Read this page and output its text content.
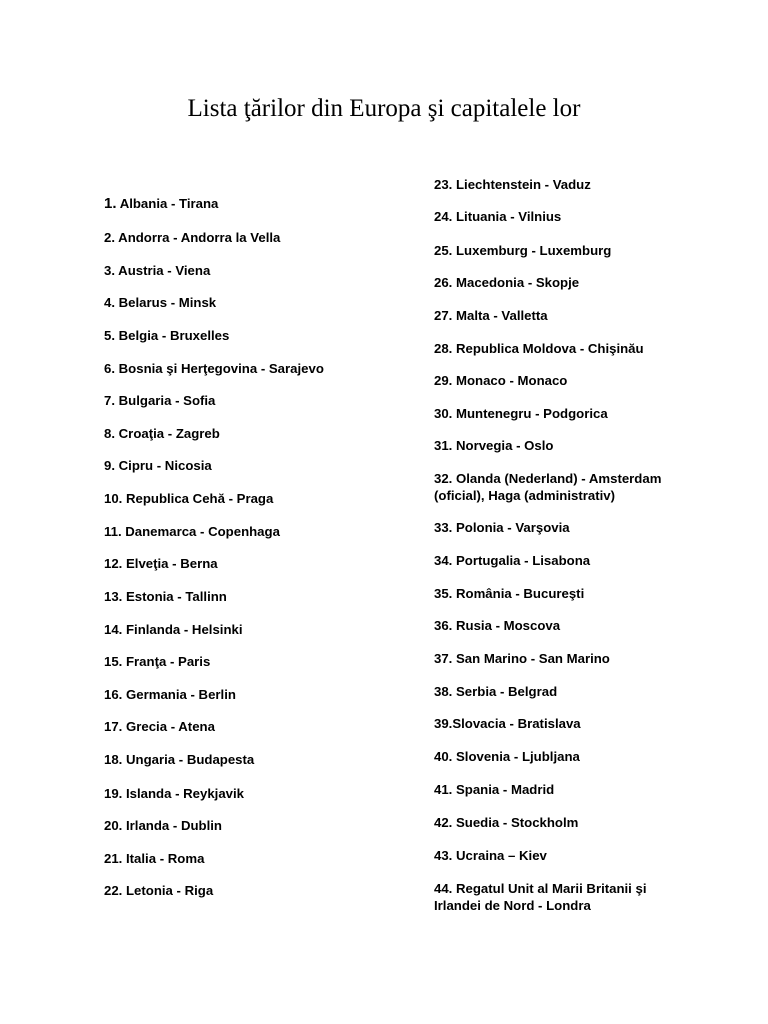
Lista ţărilor din Europa şi capitalele lor
1. Albania - Tirana
2. Andorra - Andorra la Vella
3. Austria - Viena
4. Belarus - Minsk
5. Belgia - Bruxelles
6. Bosnia şi Herţegovina - Sarajevo
7. Bulgaria - Sofia
8. Croaţia - Zagreb
9. Cipru - Nicosia
10. Republica Cehă - Praga
11. Danemarca - Copenhaga
12. Elveţia - Berna
13. Estonia - Tallinn
14. Finlanda - Helsinki
15. Franţa - Paris
16. Germania - Berlin
17. Grecia - Atena
18. Ungaria - Budapesta
19. Islanda - Reykjavik
20. Irlanda - Dublin
21. Italia - Roma
22. Letonia - Riga
23. Liechtenstein - Vaduz
24. Lituania - Vilnius
25. Luxemburg - Luxemburg
26. Macedonia - Skopje
27. Malta - Valletta
28. Republica Moldova - Chişinău
29. Monaco - Monaco
30. Muntenegru - Podgorica
31. Norvegia - Oslo
32. Olanda (Nederland) - Amsterdam (oficial), Haga (administrativ)
33. Polonia - Varşovia
34. Portugalia - Lisabona
35. România - Bucureşti
36. Rusia - Moscova
37. San Marino - San Marino
38. Serbia - Belgrad
39.Slovacia - Bratislava
40. Slovenia - Ljubljana
41. Spania - Madrid
42. Suedia - Stockholm
43. Ucraina – Kiev
44. Regatul Unit al Marii Britanii şi Irlandei de Nord - Londra
